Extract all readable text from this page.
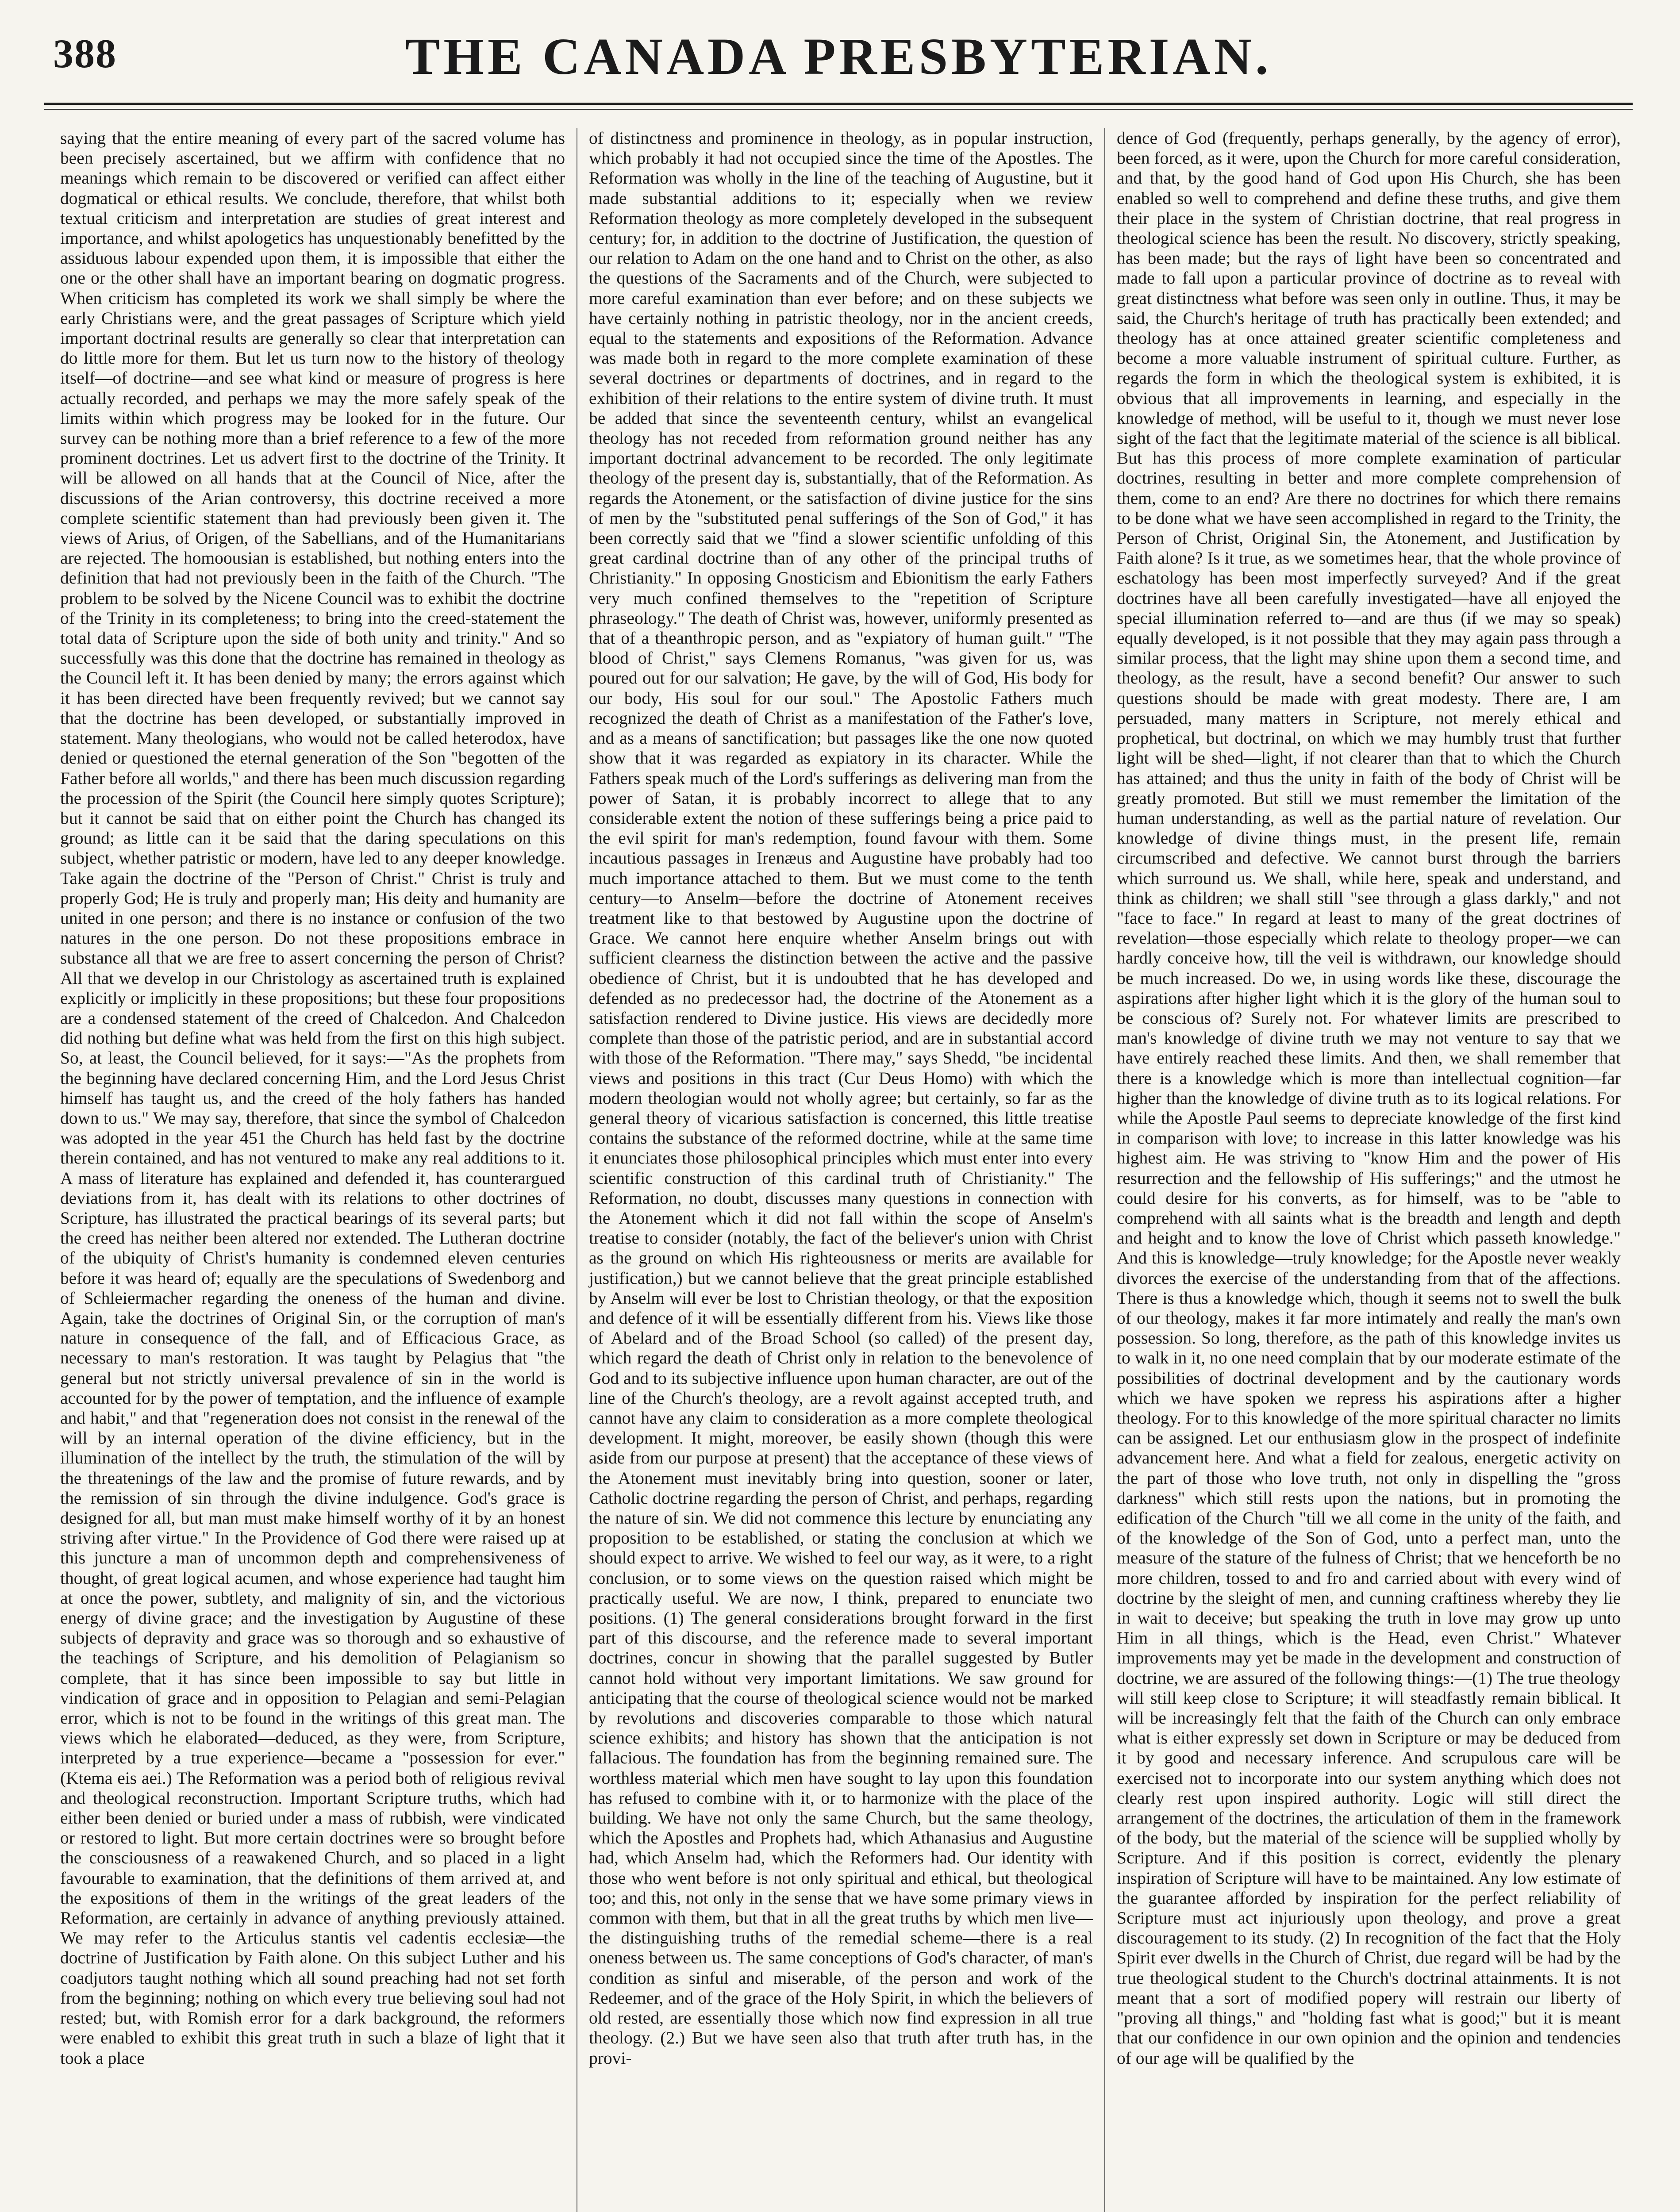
388	THE CANADA PRESBYTERIAN.

saying that the entire meaning of every part of the sacred volume has been precisely ascertained, but we affirm with confidence that no meanings which remain to be discovered or verified can affect either dogmatical or ethical results. We conclude, therefore, that whilst both textual criticism and interpretation are studies of great interest and importance, and whilst apologetics has unquestionably benefitted by the assiduous labour expended upon them, it is impossible that either the one or the other shall have an important bearing on dogmatic progress. When criticism has completed its work we shall simply be where the early Christians were, and the great passages of Scripture which yield important doctrinal results are generally so clear that interpretation can do little more for them. But let us turn now to the history of theology itself—of doctrine—and see what kind or measure of progress is here actually recorded, and perhaps we may the more safely speak of the limits within which progress may be looked for in the future. Our survey can be nothing more than a brief reference to a few of the more prominent doctrines. Let us advert first to the doctrine of the Trinity. It will be allowed on all hands that at the Council of Nice, after the discussions of the Arian controversy, this doctrine received a more complete scientific statement than had previously been given it. The views of Arius, of Origen, of the Sabellians, and of the Humanitarians are rejected. The homoousian is established, but nothing enters into the definition that had not previously been in the faith of the Church. "The problem to be solved by the Nicene Council was to exhibit the doctrine of the Trinity in its completeness; to bring into the creed-statement the total data of Scripture upon the side of both unity and trinity." And so successfully was this done that the doctrine has remained in theology as the Council left it. It has been denied by many; the errors against which it has been directed have been frequently revived; but we cannot say that the doctrine has been developed, or substantially improved in statement. Many theologians, who would not be called heterodox, have denied or questioned the eternal generation of the Son "begotten of the Father before all worlds," and there has been much discussion regarding the procession of the Spirit (the Council here simply quotes Scripture); but it cannot be said that on either point the Church has changed its ground; as little can it be said that the daring speculations on this subject, whether patristic or modern, have led to any deeper knowledge. Take again the doctrine of the "Person of Christ." Christ is truly and properly God; He is truly and properly man; His deity and humanity are united in one person; and there is no instance or confusion of the two natures in the one person. Do not these propositions embrace in substance all that we are free to assert concerning the person of Christ? All that we develop in our Christology as ascertained truth is explained explicitly or implicitly in these propositions; but these four propositions are a condensed statement of the creed of Chalcedon. And Chalcedon did nothing but define what was held from the first on this high subject. So, at least, the Council believed, for it says:—"As the prophets from the beginning have declared concerning Him, and the Lord Jesus Christ himself has taught us, and the creed of the holy fathers has handed down to us." We may say, therefore, that since the symbol of Chalcedon was adopted in the year 451 the Church has held fast by the doctrine therein contained, and has not ventured to make any real additions to it. A mass of literature has explained and defended it, has counterargued deviations from it, has dealt with its relations to other doctrines of Scripture, has illustrated the practical bearings of its several parts; but the creed has neither been altered nor extended. The Lutheran doctrine of the ubiquity of Christ's humanity is condemned eleven centuries before it was heard of; equally are the speculations of Swedenborg and of Schleiermacher regarding the oneness of the human and divine. Again, take the doctrines of Original Sin, or the corruption of man's nature in consequence of the fall, and of Efficacious Grace, as necessary to man's restoration. It was taught by Pelagius that "the general but not strictly universal prevalence of sin in the world is accounted for by the power of temptation, and the influence of example and habit," and that "regeneration does not consist in the renewal of the will by an internal operation of the divine efficiency, but in the illumination of the intellect by the truth, the stimulation of the will by the threatenings of the law and the promise of future rewards, and by the remission of sin through the divine indulgence. God's grace is designed for all, but man must make himself worthy of it by an honest striving after virtue." In the Providence of God there were raised up at this juncture a man of uncommon depth and comprehensiveness of thought, of great logical acumen, and whose experience had taught him at once the power, subtlety, and malignity of sin, and the victorious energy of divine grace; and the investigation by Augustine of these subjects of depravity and grace was so thorough and so exhaustive of the teachings of Scripture, and his demolition of Pelagianism so complete, that it has since been impossible to say but little in vindication of grace and in opposition to Pelagian and semi-Pelagian error, which is not to be found in the writings of this great man. The views which he elaborated—deduced, as they were, from Scripture, interpreted by a true experience—became a "possession for ever." (Ktema eis aei.) The Reformation was a period both of religious revival and theological reconstruction. Important Scripture truths, which had either been denied or buried under a mass of rubbish, were vindicated or restored to light. But more certain doctrines were so brought before the consciousness of a reawakened Church, and so placed in a light favourable to examination, that the definitions of them arrived at, and the expositions of them in the writings of the great leaders of the Reformation, are certainly in advance of anything previously attained. We may refer to the Articulus stantis vel cadentis ecclesiæ—the doctrine of Justification by Faith alone. On this subject Luther and his coadjutors taught nothing which all sound preaching had not set forth from the beginning; nothing on which every true believing soul had not rested; but, with Romish error for a dark background, the reformers were enabled to exhibit this great truth in such a blaze of light that it took a place

of distinctness and prominence in theology, as in popular instruction, which probably it had not occupied since the time of the Apostles. The Reformation was wholly in the line of the teaching of Augustine, but it made substantial additions to it; especially when we review Reformation theology as more completely developed in the subsequent century; for, in addition to the doctrine of Justification, the question of our relation to Adam on the one hand and to Christ on the other, as also the questions of the Sacraments and of the Church, were subjected to more careful examination than ever before; and on these subjects we have certainly nothing in patristic theology, nor in the ancient creeds, equal to the statements and expositions of the Reformation. Advance was made both in regard to the more complete examination of these several doctrines or departments of doctrines, and in regard to the exhibition of their relations to the entire system of divine truth. It must be added that since the seventeenth century, whilst an evangelical theology has not receded from reformation ground neither has any important doctrinal advancement to be recorded. The only legitimate theology of the present day is, substantially, that of the Reformation. As regards the Atonement, or the satisfaction of divine justice for the sins of men by the "substituted penal sufferings of the Son of God," it has been correctly said that we "find a slower scientific unfolding of this great cardinal doctrine than of any other of the principal truths of Christianity." In opposing Gnosticism and Ebionitism the early Fathers very much confined themselves to the "repetition of Scripture phraseology." The death of Christ was, however, uniformly presented as that of a theanthropic person, and as "expiatory of human guilt." "The blood of Christ," says Clemens Romanus, "was given for us, was poured out for our salvation; He gave, by the will of God, His body for our body, His soul for our soul." The Apostolic Fathers much recognized the death of Christ as a manifestation of the Father's love, and as a means of sanctification; but passages like the one now quoted show that it was regarded as expiatory in its character. While the Fathers speak much of the Lord's sufferings as delivering man from the power of Satan, it is probably incorrect to allege that to any considerable extent the notion of these sufferings being a price paid to the evil spirit for man's redemption, found favour with them. Some incautious passages in Irenæus and Augustine have probably had too much importance attached to them. But we must come to the tenth century—to Anselm—before the doctrine of Atonement receives treatment like to that bestowed by Augustine upon the doctrine of Grace. We cannot here enquire whether Anselm brings out with sufficient clearness the distinction between the active and the passive obedience of Christ, but it is undoubted that he has developed and defended as no predecessor had, the doctrine of the Atonement as a satisfaction rendered to Divine justice. His views are decidedly more complete than those of the patristic period, and are in substantial accord with those of the Reformation. "There may," says Shedd, "be incidental views and positions in this tract (Cur Deus Homo) with which the modern theologian would not wholly agree; but certainly, so far as the general theory of vicarious satisfaction is concerned, this little treatise contains the substance of the reformed doctrine, while at the same time it enunciates those philosophical principles which must enter into every scientific construction of this cardinal truth of Christianity." The Reformation, no doubt, discusses many questions in connection with the Atonement which it did not fall within the scope of Anselm's treatise to consider (notably, the fact of the believer's union with Christ as the ground on which His righteousness or merits are available for justification,) but we cannot believe that the great principle established by Anselm will ever be lost to Christian theology, or that the exposition and defence of it will be essentially different from his. Views like those of Abelard and of the Broad School (so called) of the present day, which regard the death of Christ only in relation to the benevolence of God and to its subjective influence upon human character, are out of the line of the Church's theology, are a revolt against accepted truth, and cannot have any claim to consideration as a more complete theological development. It might, moreover, be easily shown (though this were aside from our purpose at present) that the acceptance of these views of the Atonement must inevitably bring into question, sooner or later, Catholic doctrine regarding the person of Christ, and perhaps, regarding the nature of sin. We did not commence this lecture by enunciating any proposition to be established, or stating the conclusion at which we should expect to arrive. We wished to feel our way, as it were, to a right conclusion, or to some views on the question raised which might be practically useful. We are now, I think, prepared to enunciate two positions. (1) The general considerations brought forward in the first part of this discourse, and the reference made to several important doctrines, concur in showing that the parallel suggested by Butler cannot hold without very important limitations. We saw ground for anticipating that the course of theological science would not be marked by revolutions and discoveries comparable to those which natural science exhibits; and history has shown that the anticipation is not fallacious. The foundation has from the beginning remained sure. The worthless material which men have sought to lay upon this foundation has refused to combine with it, or to harmonize with the place of the building. We have not only the same Church, but the same theology, which the Apostles and Prophets had, which Athanasius and Augustine had, which Anselm had, which the Reformers had. Our identity with those who went before is not only spiritual and ethical, but theological too; and this, not only in the sense that we have some primary views in common with them, but that in all the great truths by which men live—the distinguishing truths of the remedial scheme—there is a real oneness between us. The same conceptions of God's character, of man's condition as sinful and miserable, of the person and work of the Redeemer, and of the grace of the Holy Spirit, in which the believers of old rested, are essentially those which now find expression in all true theology. (2.) But we have seen also that truth after truth has, in the provi-

dence of God (frequently, perhaps generally, by the agency of error), been forced, as it were, upon the Church for more careful consideration, and that, by the good hand of God upon His Church, she has been enabled so well to comprehend and define these truths, and give them their place in the system of Christian doctrine, that real progress in theological science has been the result. No discovery, strictly speaking, has been made; but the rays of light have been so concentrated and made to fall upon a particular province of doctrine as to reveal with great distinctness what before was seen only in outline. Thus, it may be said, the Church's heritage of truth has practically been extended; and theology has at once attained greater scientific completeness and become a more valuable instrument of spiritual culture. Further, as regards the form in which the theological system is exhibited, it is obvious that all improvements in learning, and especially in the knowledge of method, will be useful to it, though we must never lose sight of the fact that the legitimate material of the science is all biblical. But has this process of more complete examination of particular doctrines, resulting in better and more complete comprehension of them, come to an end? Are there no doctrines for which there remains to be done what we have seen accomplished in regard to the Trinity, the Person of Christ, Original Sin, the Atonement, and Justification by Faith alone? Is it true, as we sometimes hear, that the whole province of eschatology has been most imperfectly surveyed? And if the great doctrines have all been carefully investigated—have all enjoyed the special illumination referred to—and are thus (if we may so speak) equally developed, is it not possible that they may again pass through a similar process, that the light may shine upon them a second time, and theology, as the result, have a second benefit? Our answer to such questions should be made with great modesty. There are, I am persuaded, many matters in Scripture, not merely ethical and prophetical, but doctrinal, on which we may humbly trust that further light will be shed—light, if not clearer than that to which the Church has attained; and thus the unity in faith of the body of Christ will be greatly promoted. But still we must remember the limitation of the human understanding, as well as the partial nature of revelation. Our knowledge of divine things must, in the present life, remain circumscribed and defective. We cannot burst through the barriers which surround us. We shall, while here, speak and understand, and think as children; we shall still "see through a glass darkly," and not "face to face." In regard at least to many of the great doctrines of revelation—those especially which relate to theology proper—we can hardly conceive how, till the veil is withdrawn, our knowledge should be much increased. Do we, in using words like these, discourage the aspirations after higher light which it is the glory of the human soul to be conscious of? Surely not. For whatever limits are prescribed to man's knowledge of divine truth we may not venture to say that we have entirely reached these limits. And then, we shall remember that there is a knowledge which is more than intellectual cognition—far higher than the knowledge of divine truth as to its logical relations. For while the Apostle Paul seems to depreciate knowledge of the first kind in comparison with love; to increase in this latter knowledge was his highest aim. He was striving to "know Him and the power of His resurrection and the fellowship of His sufferings;" and the utmost he could desire for his converts, as for himself, was to be "able to comprehend with all saints what is the breadth and length and depth and height and to know the love of Christ which passeth knowledge." And this is knowledge—truly knowledge; for the Apostle never weakly divorces the exercise of the understanding from that of the affections. There is thus a knowledge which, though it seems not to swell the bulk of our theology, makes it far more intimately and really the man's own possession. So long, therefore, as the path of this knowledge invites us to walk in it, no one need complain that by our moderate estimate of the possibilities of doctrinal development and by the cautionary words which we have spoken we repress his aspirations after a higher theology. For to this knowledge of the more spiritual character no limits can be assigned. Let our enthusiasm glow in the prospect of indefinite advancement here. And what a field for zealous, energetic activity on the part of those who love truth, not only in dispelling the "gross darkness" which still rests upon the nations, but in promoting the edification of the Church "till we all come in the unity of the faith, and of the knowledge of the Son of God, unto a perfect man, unto the measure of the stature of the fulness of Christ; that we henceforth be no more children, tossed to and fro and carried about with every wind of doctrine by the sleight of men, and cunning craftiness whereby they lie in wait to deceive; but speaking the truth in love may grow up unto Him in all things, which is the Head, even Christ." Whatever improvements may yet be made in the development and construction of doctrine, we are assured of the following things:—(1) The true theology will still keep close to Scripture; it will steadfastly remain biblical. It will be increasingly felt that the faith of the Church can only embrace what is either expressly set down in Scripture or may be deduced from it by good and necessary inference. And scrupulous care will be exercised not to incorporate into our system anything which does not clearly rest upon inspired authority. Logic will still direct the arrangement of the doctrines, the articulation of them in the framework of the body, but the material of the science will be supplied wholly by Scripture. And if this position is correct, evidently the plenary inspiration of Scripture will have to be maintained. Any low estimate of the guarantee afforded by inspiration for the perfect reliability of Scripture must act injuriously upon theology, and prove a great discouragement to its study. (2) In recognition of the fact that the Holy Spirit ever dwells in the Church of Christ, due regard will be had by the true theological student to the Church's doctrinal attainments. It is not meant that a sort of modified popery will restrain our liberty of "proving all things," and "holding fast what is good;" but it is meant that our confidence in our own opinion and the opinion and tendencies of our age will be qualified by the
